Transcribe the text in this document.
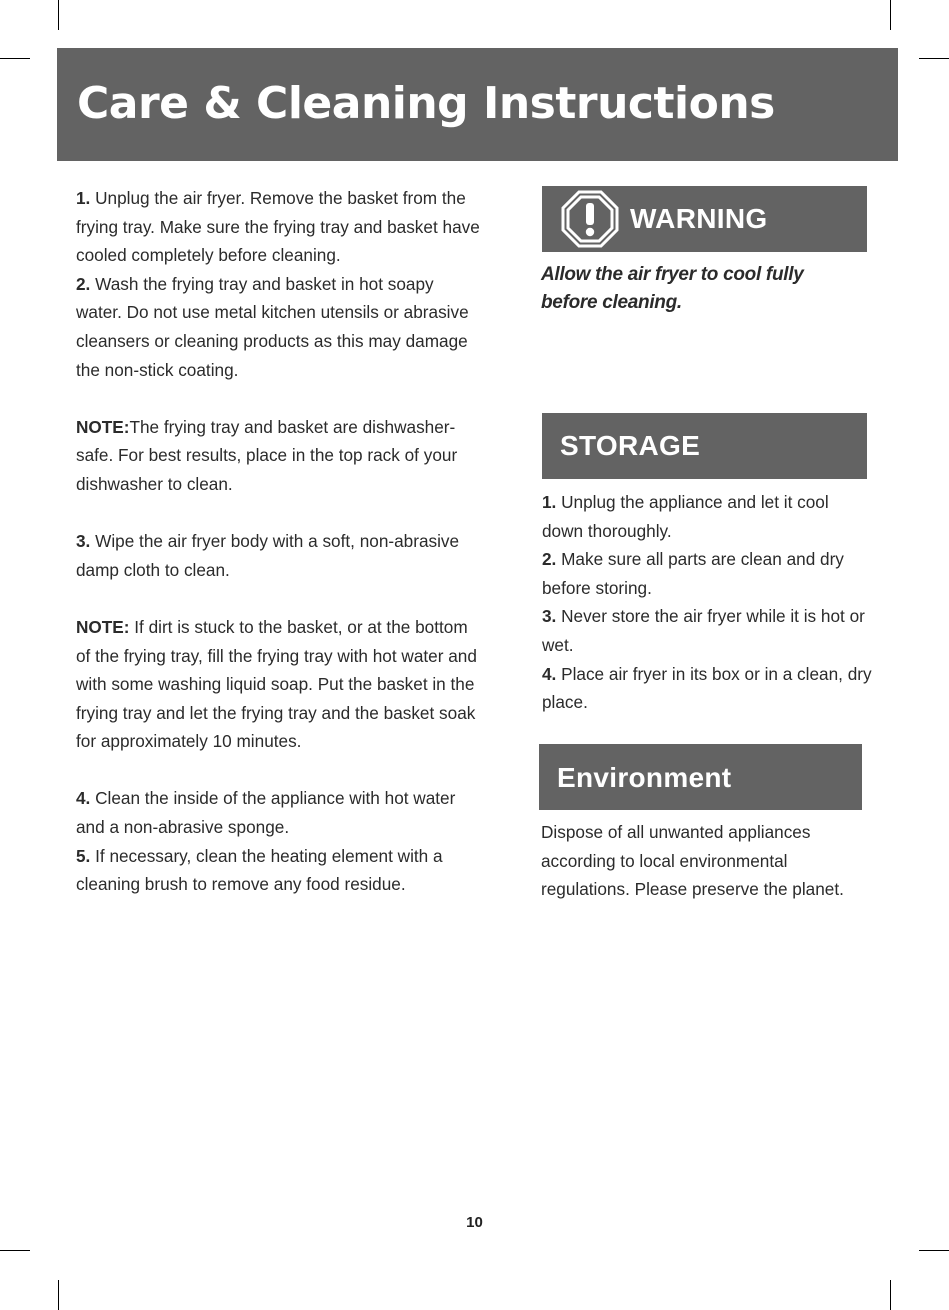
Care & Cleaning Instructions

1. Unplug the air fryer. Remove the basket from the frying tray. Make sure the frying tray and basket have cooled completely before cleaning.

2. Wash the frying tray and basket in hot soapy water. Do not use metal kitchen utensils or abrasive cleansers or cleaning products as this may damage the non-stick coating.

NOTE:The frying tray and basket are dishwasher-safe. For best results, place in the top rack of your dishwasher to clean.

3. Wipe the air fryer body with a soft, non-abrasive damp cloth to clean.

NOTE: If dirt is stuck to the basket, or at the bottom of the frying tray, fill the frying tray with hot water and with some washing liquid soap. Put the basket in the frying tray and let the frying tray and the basket soak for approximately 10 minutes.

4. Clean the inside of the appliance with hot water and a non-abrasive sponge.

5. If necessary, clean the heating element with a cleaning brush to remove any food residue.

WARNING

Allow the air fryer to cool fully before cleaning.

STORAGE

1. Unplug the appliance and let it cool down thoroughly.

2. Make sure all parts are clean and dry before storing.

3. Never store the air fryer while it is hot or wet.

4. Place air fryer in its box or in a clean, dry place.

Environment

Dispose of all unwanted appliances according to local environmental regulations. Please preserve the planet.

10
